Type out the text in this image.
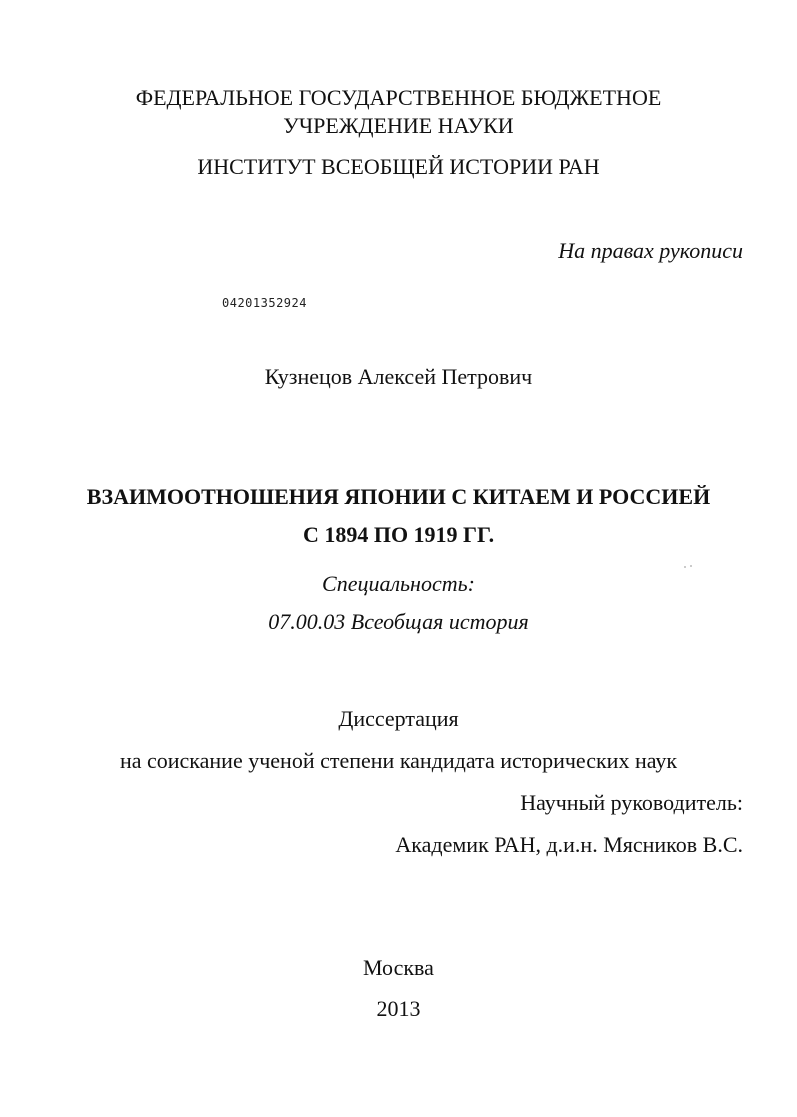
ФЕДЕРАЛЬНОЕ ГОСУДАРСТВЕННОЕ БЮДЖЕТНОЕ
УЧРЕЖДЕНИЕ НАУКИ
ИНСТИТУТ ВСЕОБЩЕЙ ИСТОРИИ РАН
На правах рукописи
04201352924
Кузнецов Алексей Петрович
ВЗАИМООТНОШЕНИЯ ЯПОНИИ С КИТАЕМ И РОССИЕЙ
С 1894 ПО 1919 ГГ.
Специальность:
07.00.03 Всеобщая история
Диссертация
на соискание ученой степени кандидата исторических наук
Научный руководитель:
Академик РАН, д.и.н. Мясников В.С.
Москва
2013
